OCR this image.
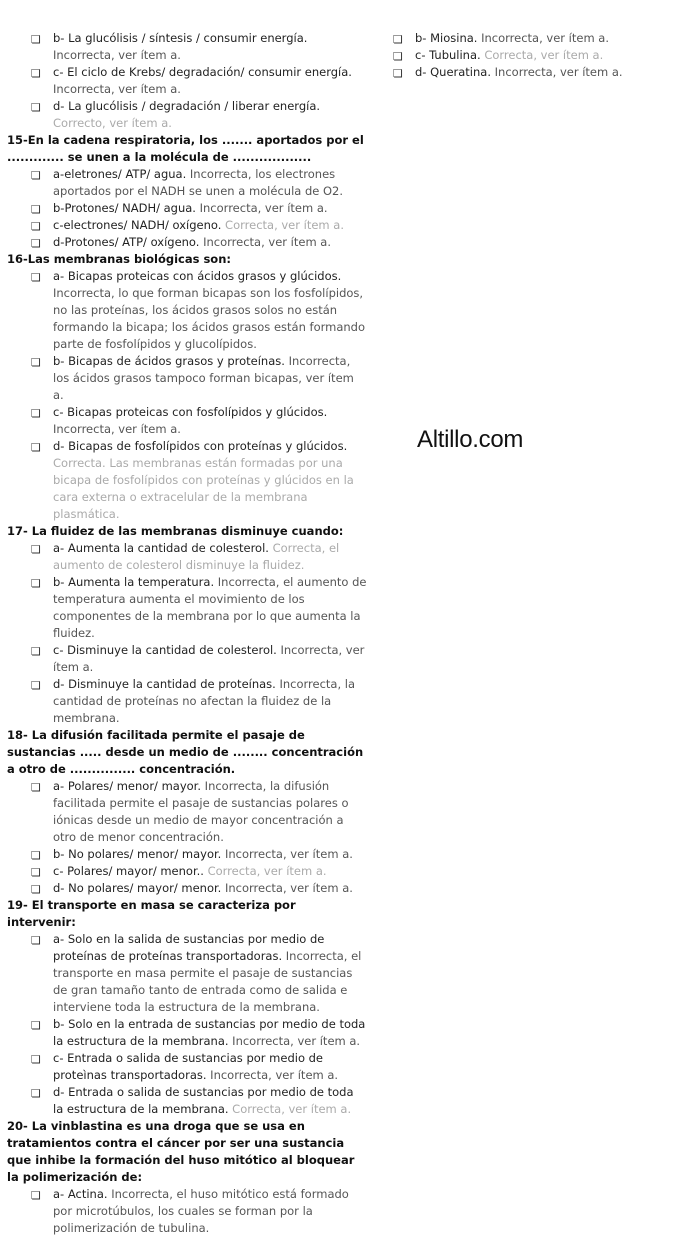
❏ b- La glucólisis / síntesis / consumir energía. Incorrecta, ver ítem a.
❏ c- El ciclo de Krebs/ degradación/ consumir energía. Incorrecta, ver ítem a.
❏ d- La glucólisis / degradación / liberar energía. Correcto, ver ítem a.

15-En la cadena respiratoria, los ....... aportados por el ............. se unen a la molécula de ..................

❏ a-eletrones/ ATP/ agua. Incorrecta, los electrones aportados por el NADH se unen a molécula de O2.
❏ b-Protones/ NADH/ agua. Incorrecta, ver ítem a.
❏ c-electrones/ NADH/ oxígeno. Correcta, ver ítem a.
❏ d-Protones/ ATP/ oxígeno. Incorrecta, ver ítem a.

16-Las membranas biológicas son:

❏ a- Bicapas proteicas con ácidos grasos y glúcidos. Incorrecta, lo que forman bicapas son los fosfolípidos, no las proteínas, los ácidos grasos solos no están formando la bicapa; los ácidos grasos están formando parte de fosfolípidos y glucolípidos.
❏ b- Bicapas de ácidos grasos y proteínas. Incorrecta, los ácidos grasos tampoco forman bicapas, ver ítem a.
❏ c- Bicapas proteicas con fosfolípidos y glúcidos. Incorrecta, ver ítem a.
❏ d- Bicapas de fosfolípidos con proteínas y glúcidos. Correcta. Las membranas están formadas por una bicapa de fosfolípidos con proteínas y glúcidos en la cara externa o extracelular de la membrana plasmática.

17- La fluidez de las membranas disminuye cuando:

❏ a- Aumenta la cantidad de colesterol. Correcta, el aumento de colesterol disminuye la fluidez.
❏ b- Aumenta la temperatura. Incorrecta, el aumento de temperatura aumenta el movimiento de los componentes de la membrana por lo que aumenta la fluidez.
❏ c- Disminuye la cantidad de colesterol. Incorrecta, ver ítem a.
❏ d- Disminuye la cantidad de proteínas. Incorrecta, la cantidad de proteínas no afectan la fluidez de la membrana.

18- La difusión facilitada permite el pasaje de sustancias ..... desde un medio de ........ concentración a otro de ............... concentración.

❏ a- Polares/ menor/ mayor. Incorrecta, la difusión facilitada permite el pasaje de sustancias polares o iónicas desde un medio de mayor concentración a otro de menor concentración.
❏ b- No polares/ menor/ mayor. Incorrecta, ver ítem a.
❏ c- Polares/ mayor/ menor.. Correcta, ver ítem a.
❏ d- No polares/ mayor/ menor. Incorrecta, ver ítem a.

19- El transporte en masa se caracteriza por intervenir:

❏ a- Solo en la salida de sustancias por medio de proteínas de proteínas transportadoras. Incorrecta, el transporte en masa permite el pasaje de sustancias de gran tamaño tanto de entrada como de salida e interviene toda la estructura de la membrana.
❏ b- Solo en la entrada de sustancias por medio de toda la estructura de la membrana. Incorrecta, ver ítem a.
❏ c- Entrada o salida de sustancias por medio de proteìnas transportadoras. Incorrecta, ver ítem a.
❏ d- Entrada o salida de sustancias por medio de toda la estructura de la membrana. Correcta, ver ítem a.

20- La vinblastina es una droga que se usa en tratamientos contra el cáncer por ser una sustancia que inhibe la formación del huso mitótico al bloquear la polimerización de:

❏ a- Actina. Incorrecta, el huso mitótico está formado por microtúbulos, los cuales se forman por la polimerización de tubulina.
❏ b- Miosina. Incorrecta, ver ítem a.
❏ c- Tubulina. Correcta, ver ítem a.
❏ d- Queratina. Incorrecta, ver ítem a.
Altillo.com
